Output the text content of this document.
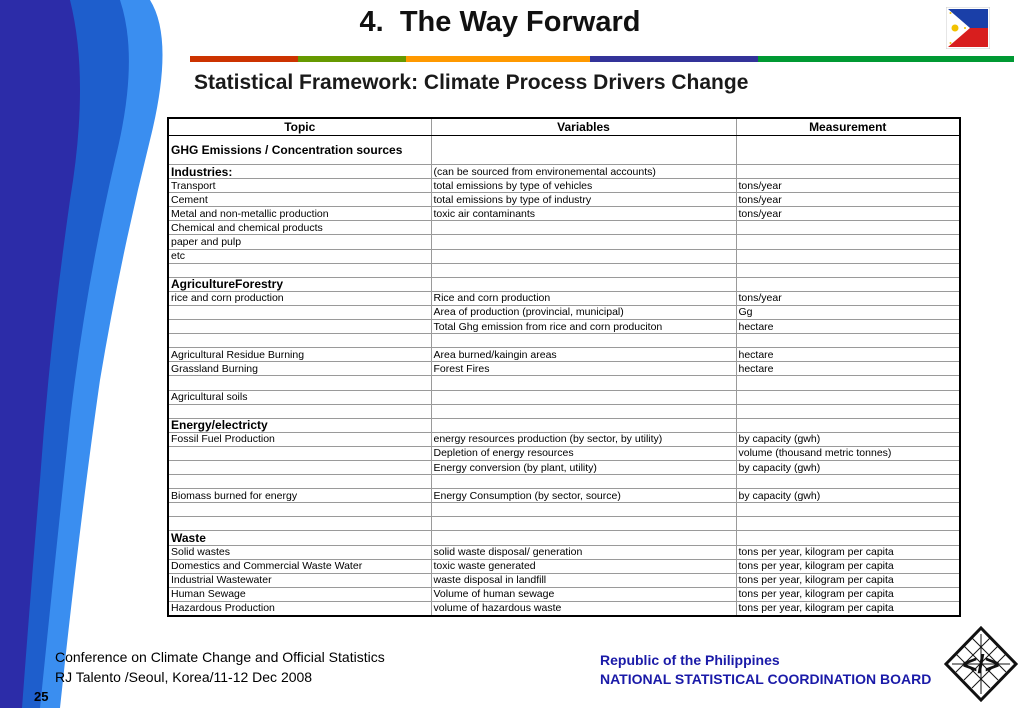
4.  The Way Forward
Statistical Framework: Climate Process Drivers Change
Topic	Variables	Measurement
GHG Emissions / Concentration sources		
Industries:	(can be sourced from environemental accounts)	
Transport	total emissions by type of vehicles	tons/year
Cement	total emissions by type of industry	tons/year
Metal and non-metallic production	toxic air contaminants	tons/year
Chemical and chemical products		
paper and pulp		
etc		

AgricultureForestry		
rice and corn production	Rice and corn production	tons/year
	Area of production (provincial, municipal)	Gg
	Total Ghg emission from rice and corn produciton	hectare

Agricultural Residue Burning	Area burned/kaingin areas	hectare
Grassland Burning	Forest Fires	hectare

Agricultural soils		

Energy/electricty		
Fossil Fuel Production	energy resources production (by sector, by utility)	by capacity (gwh)
	Depletion of energy resources	volume (thousand metric tonnes)
	Energy conversion (by plant, utility)	by capacity (gwh)

Biomass burned for energy	Energy Consumption (by sector, source)	by capacity (gwh)

Waste		
Solid wastes	solid waste disposal/ generation	tons per year, kilogram per capita
Domestics and Commercial Waste Water	toxic waste generated	tons per year, kilogram per capita
Industrial Wastewater	waste disposal in landfill	tons per year, kilogram per capita
Human Sewage	Volume of human sewage	tons per year, kilogram per capita
Hazardous Production	volume of hazardous waste	tons per year, kilogram per capita
Conference on Climate Change and Official Statistics
RJ Talento /Seoul, Korea/11-12 Dec 2008
Republic of the Philippines
NATIONAL STATISTICAL COORDINATION BOARD
25
</>
